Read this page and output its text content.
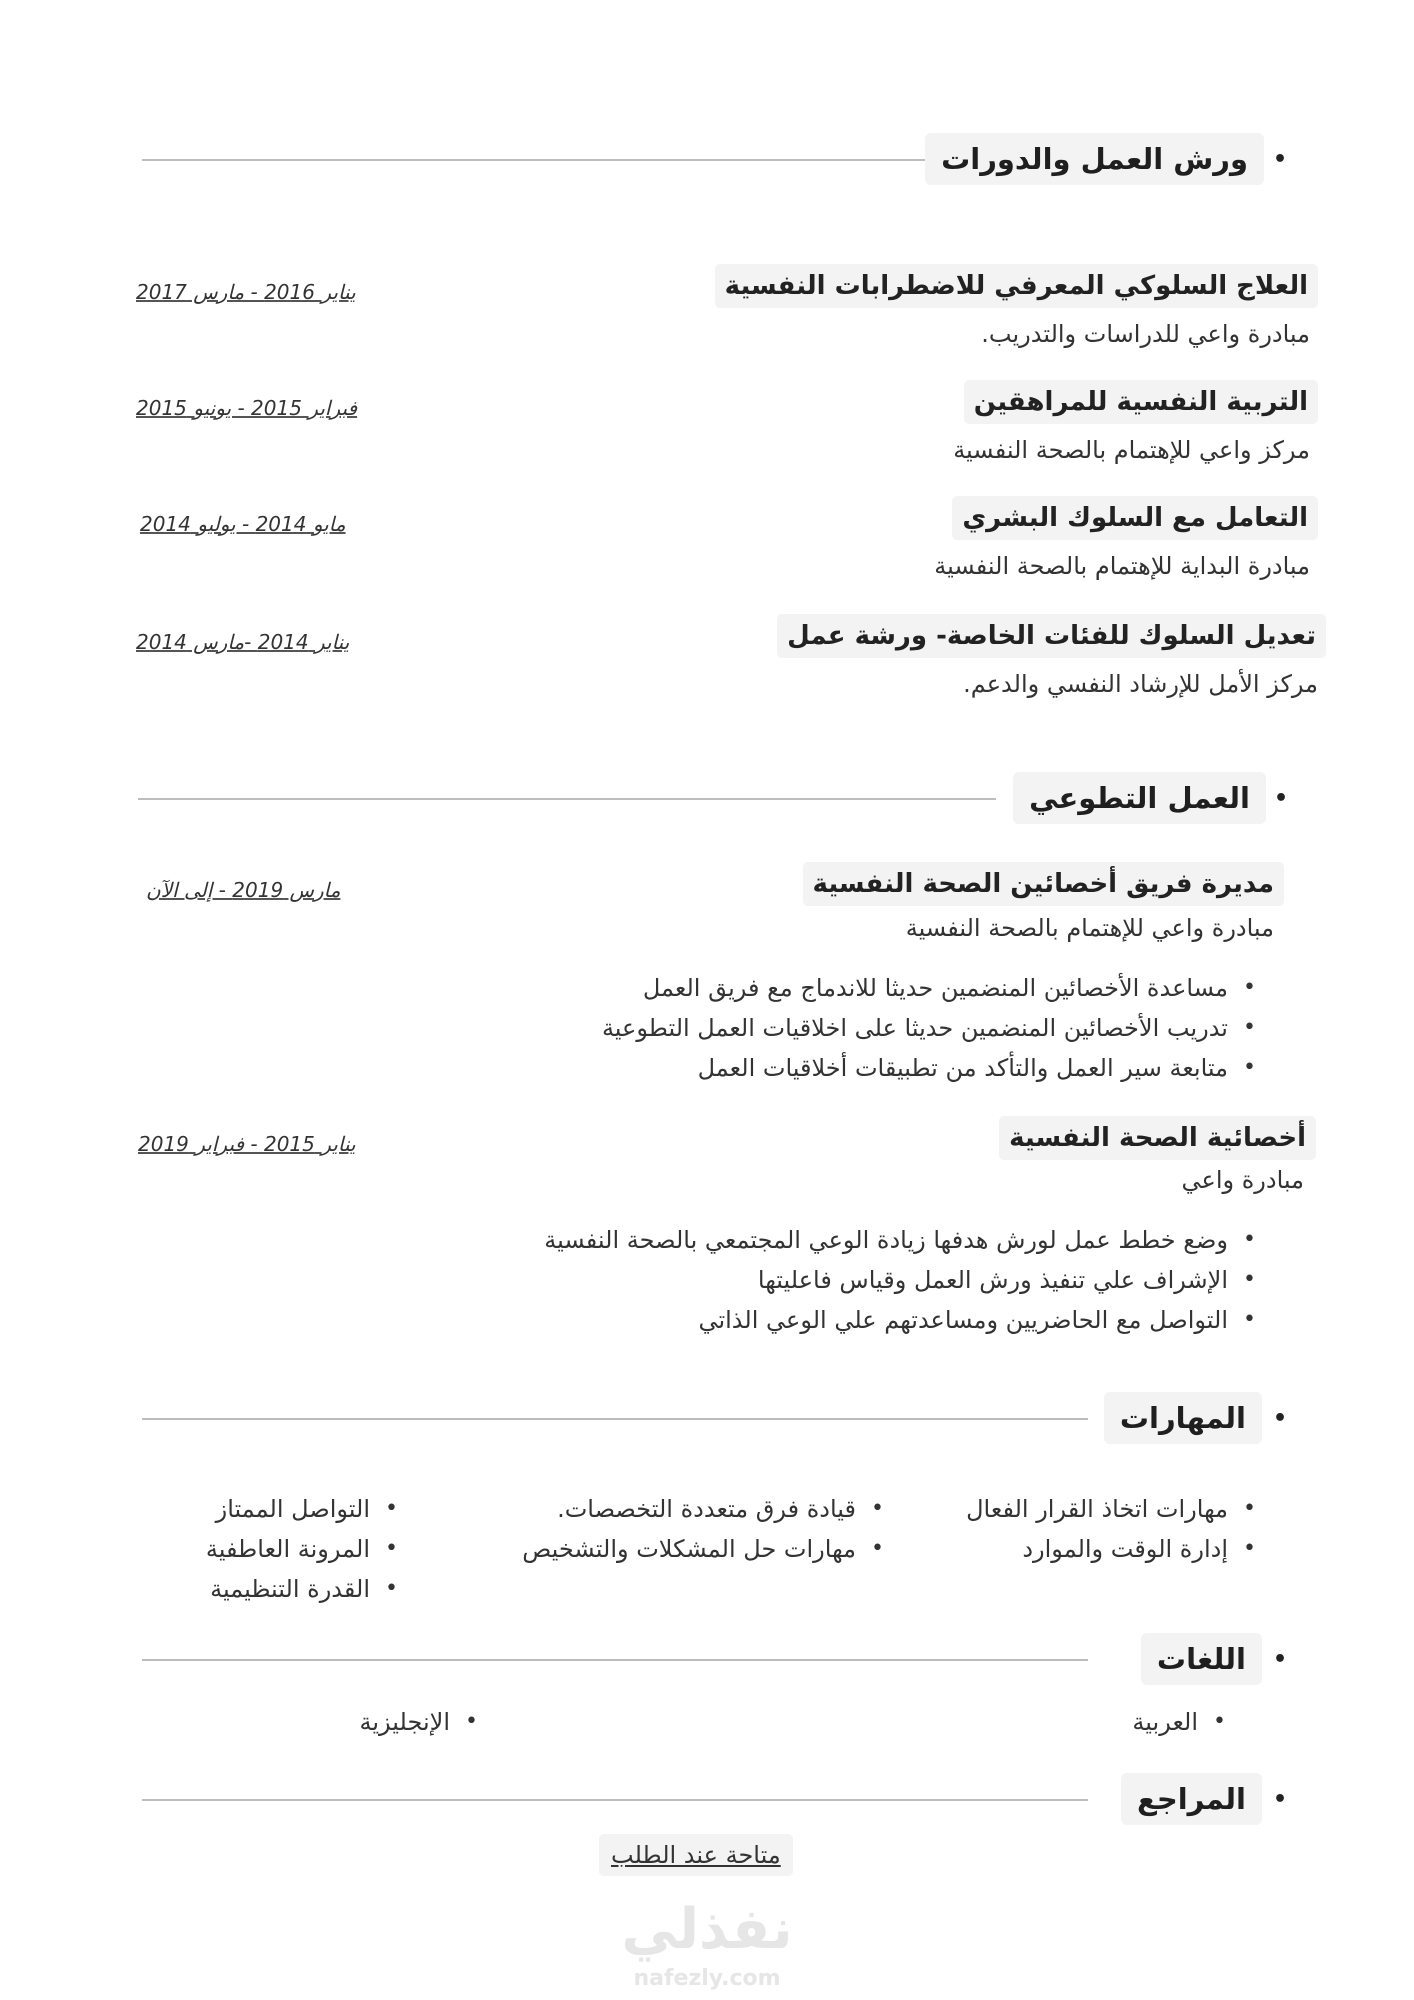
ورش العمل والدورات	•
العلاج السلوكي المعرفي للاضطرابات النفسية
مبادرة واعي للدراسات والتدريب.
يناير 2016 - مارس 2017
التربية النفسية للمراهقين
مركز واعي للإهتمام بالصحة النفسية
فبراير 2015 - يونيو 2015
التعامل مع السلوك البشري
مبادرة البداية للإهتمام بالصحة النفسية
مايو 2014 - يوليو 2014
تعديل السلوك للفئات الخاصة- ورشة عمل
مركز الأمل للإرشاد النفسي والدعم.
يناير 2014 -مارس 2014
العمل التطوعي	•
مديرة فريق أخصائين الصحة النفسية
مبادرة واعي للإهتمام بالصحة النفسية
مارس 2019 - إلى الآن
• مساعدة الأخصائين المنضمين حديثا للاندماج مع فريق العمل
• تدريب الأخصائين المنضمين حديثا على اخلاقيات العمل التطوعية
• متابعة سير العمل والتأكد من تطبيقات أخلاقيات العمل
أخصائية الصحة النفسية
مبادرة واعي
يناير 2015 - فبراير 2019
• وضع خطط عمل لورش هدفها زيادة الوعي المجتمعي بالصحة النفسية
• الإشراف علي تنفيذ ورش العمل وقياس فاعليتها
• التواصل مع الحاضريين ومساعدتهم علي الوعي الذاتي
المهارات	•
• مهارات اتخاذ القرار الفعال
• إدارة الوقت والموارد
• قيادة فرق متعددة التخصصات.
• مهارات حل المشكلات والتشخيص
• التواصل الممتاز
• المرونة العاطفية
• القدرة التنظيمية
اللغات	•
• العربية
• الإنجليزية
المراجع	•
متاحة عند الطلب
نفذلي
nafezly.com
